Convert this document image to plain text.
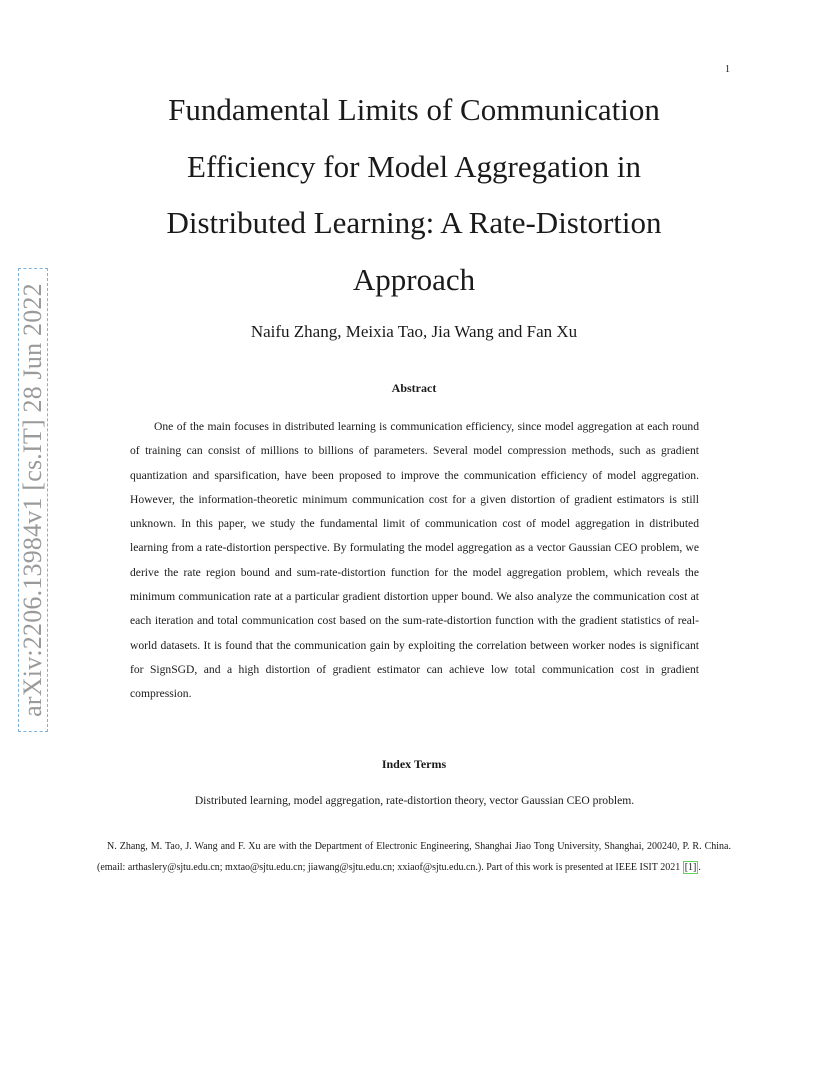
1
arXiv:2206.13984v1 [cs.IT] 28 Jun 2022
Fundamental Limits of Communication Efficiency for Model Aggregation in Distributed Learning: A Rate-Distortion Approach
Naifu Zhang, Meixia Tao, Jia Wang and Fan Xu
Abstract

One of the main focuses in distributed learning is communication efficiency, since model aggregation at each round of training can consist of millions to billions of parameters. Several model compression methods, such as gradient quantization and sparsification, have been proposed to improve the communication efficiency of model aggregation. However, the information-theoretic minimum communication cost for a given distortion of gradient estimators is still unknown. In this paper, we study the fundamental limit of communication cost of model aggregation in distributed learning from a rate-distortion perspective. By formulating the model aggregation as a vector Gaussian CEO problem, we derive the rate region bound and sum-rate-distortion function for the model aggregation problem, which reveals the minimum communication rate at a particular gradient distortion upper bound. We also analyze the communication cost at each iteration and total communication cost based on the sum-rate-distortion function with the gradient statistics of real-world datasets. It is found that the communication gain by exploiting the correlation between worker nodes is significant for SignSGD, and a high distortion of gradient estimator can achieve low total communication cost in gradient compression.

Index Terms
Distributed learning, model aggregation, rate-distortion theory, vector Gaussian CEO problem.

N. Zhang, M. Tao, J. Wang and F. Xu are with the Department of Electronic Engineering, Shanghai Jiao Tong University, Shanghai, 200240, P. R. China. (email: arthaslery@sjtu.edu.cn; mxtao@sjtu.edu.cn; jiawang@sjtu.edu.cn; xxiaof@sjtu.edu.cn.). Part of this work is presented at IEEE ISIT 2021 [1] .
